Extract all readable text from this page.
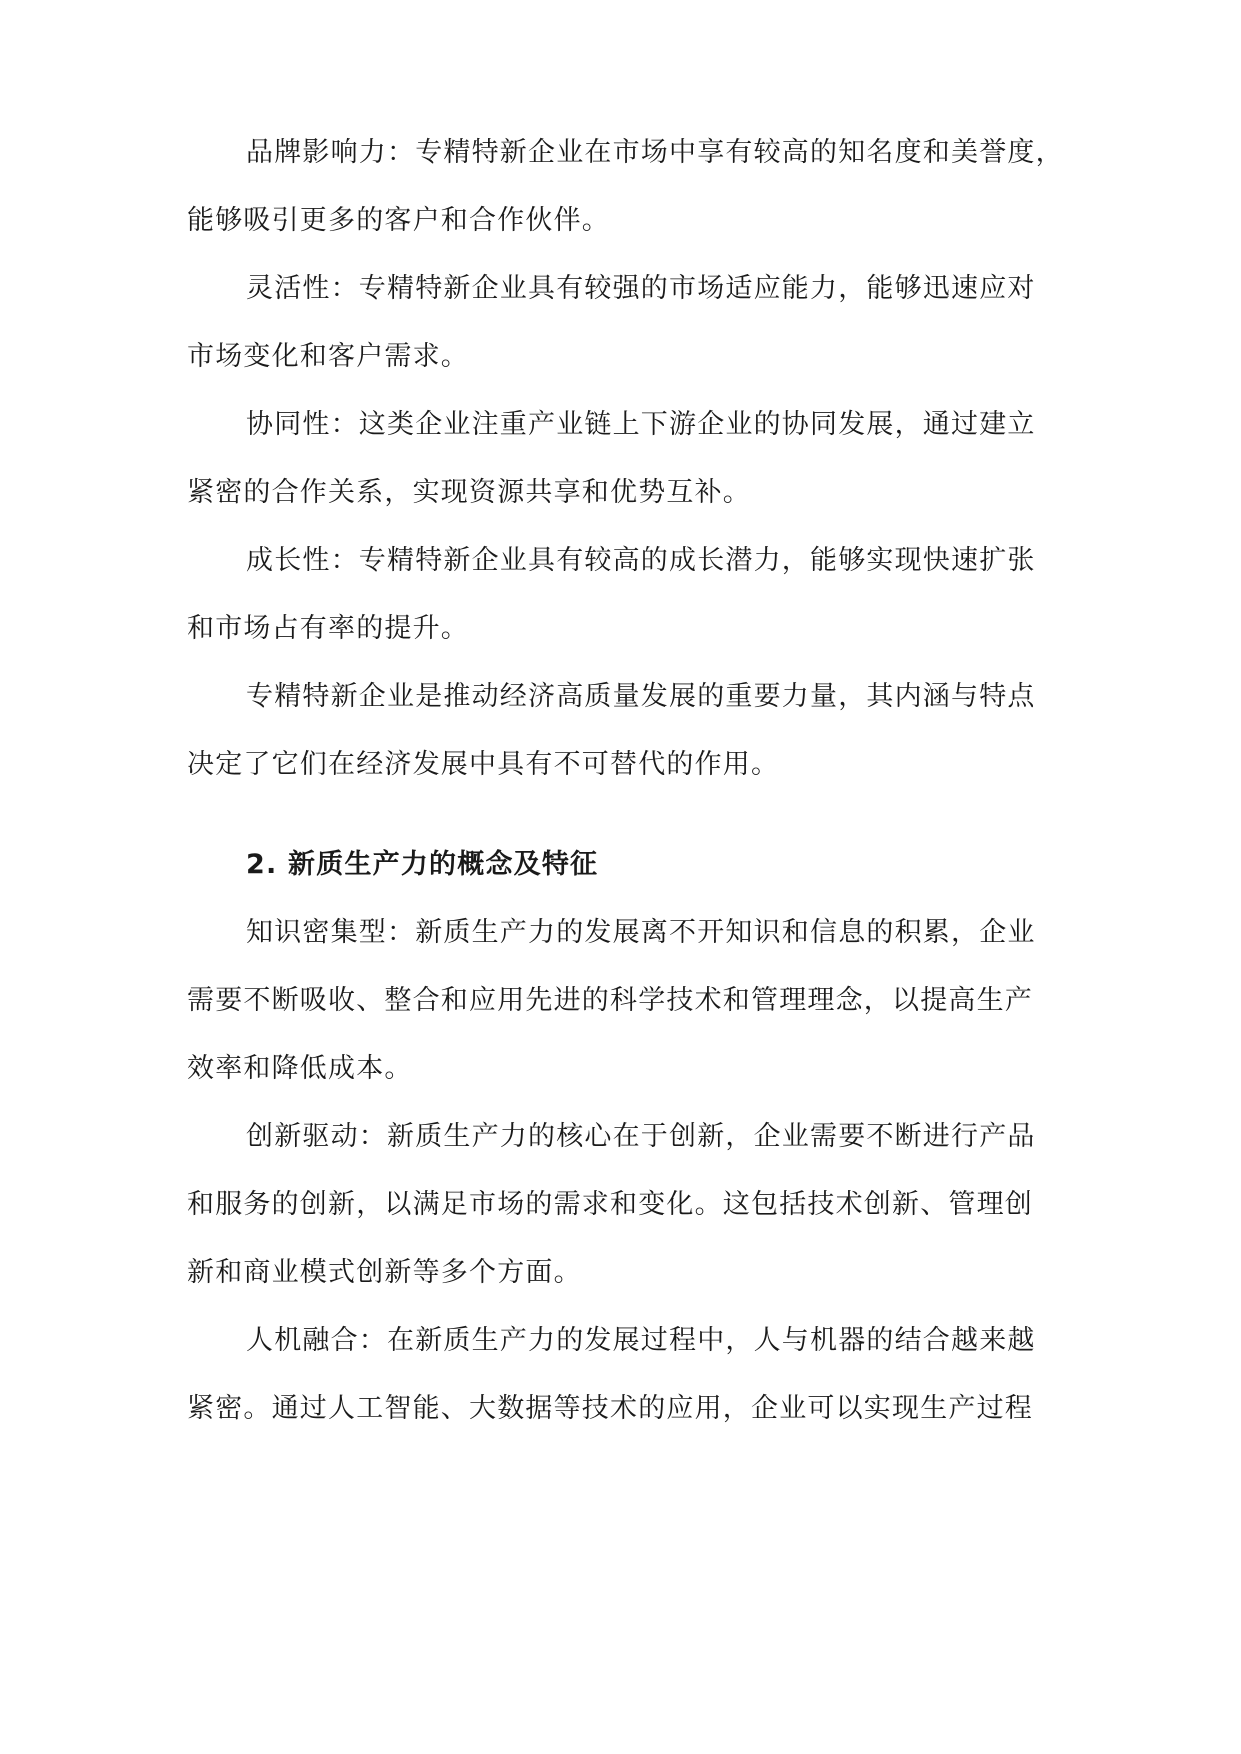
品牌影响力：专精特新企业在市场中享有较高的知名度和美誉度，
能够吸引更多的客户和合作伙伴。
灵活性：专精特新企业具有较强的市场适应能力，能够迅速应对
市场变化和客户需求。
协同性：这类企业注重产业链上下游企业的协同发展，通过建立
紧密的合作关系，实现资源共享和优势互补。
成长性：专精特新企业具有较高的成长潜力，能够实现快速扩张
和市场占有率的提升。
专精特新企业是推动经济高质量发展的重要力量，其内涵与特点
决定了它们在经济发展中具有不可替代的作用。
2. 新质生产力的概念及特征
知识密集型：新质生产力的发展离不开知识和信息的积累，企业
需要不断吸收、整合和应用先进的科学技术和管理理念，以提高生产
效率和降低成本。
创新驱动：新质生产力的核心在于创新，企业需要不断进行产品
和服务的创新，以满足市场的需求和变化。这包括技术创新、管理创
新和商业模式创新等多个方面。
人机融合：在新质生产力的发展过程中，人与机器的结合越来越
紧密。通过人工智能、大数据等技术的应用，企业可以实现生产过程
